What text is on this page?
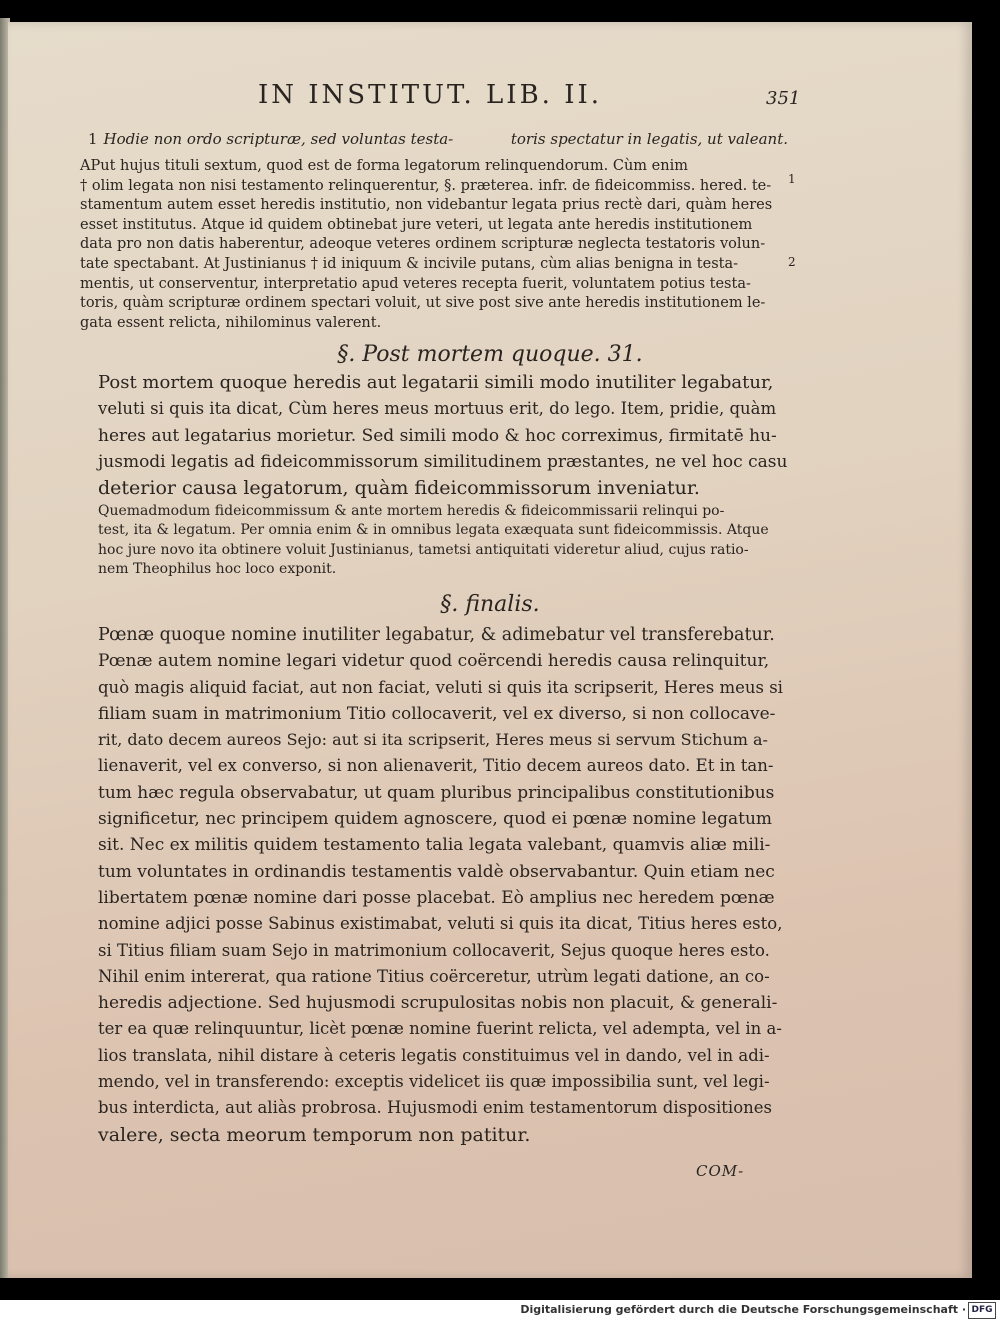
IN INSTITUT. LIB. II.	351
1 Hodie non ordo scripturæ, sed voluntas testa-	toris spectatur in legatis, ut valeant.
APut hujus tituli sextum, quod est de forma legatorum relinquendorum. Cùm enim
† olim legata non nisi testamento relinquerentur, §. præterea. infr. de fideicommiss. hered. te-
stamentum autem esset heredis institutio, non videbantur legata prius rectè dari, quàm heres
esset institutus. Atque id quidem obtinebat jure veteri, ut legata ante heredis institutionem
data pro non datis haberentur, adeoque veteres ordinem scripturæ neglecta testatoris volun-
tate spectabant. At Justinianus † id iniquum & incivile putans, cùm alias benigna in testa-
mentis, ut conserventur, interpretatio apud veteres recepta fuerit, voluntatem potius testa-
toris, quàm scripturæ ordinem spectari voluit, ut sive post sive ante heredis institutionem le-
gata essent relicta, nihilominus valerent.
1
2
§. Post mortem quoque. 31.
Post mortem quoque heredis aut legatarii simili modo inutiliter legabatur,
veluti si quis ita dicat, Cùm heres meus mortuus erit, do lego. Item, pridie, quàm
heres aut legatarius morietur. Sed simili modo & hoc correximus, firmitatē hu-
jusmodi legatis ad fideicommissorum similitudinem præstantes, ne vel hoc casu
deterior causa legatorum, quàm fideicommissorum inveniatur.
Quemadmodum fideicommissum & ante mortem heredis & fideicommissarii relinqui po-
test, ita & legatum. Per omnia enim & in omnibus legata exæquata sunt fideicommissis. Atque
hoc jure novo ita obtinere voluit Justinianus, tametsi antiquitati videretur aliud, cujus ratio-
nem Theophilus hoc loco exponit.
§. finalis.
Pœnæ quoque nomine inutiliter legabatur, & adimebatur vel transferebatur.
Pœnæ autem nomine legari videtur quod coërcendi heredis causa relinquitur,
quò magis aliquid faciat, aut non faciat, veluti si quis ita scripserit, Heres meus si
filiam suam in matrimonium Titio collocaverit, vel ex diverso, si non collocave-
rit, dato decem aureos Sejo: aut si ita scripserit, Heres meus si servum Stichum a-
lienaverit, vel ex converso, si non alienaverit, Titio decem aureos dato. Et in tan-
tum hæc regula observabatur, ut quam pluribus principalibus constitutionibus
significetur, nec principem quidem agnoscere, quod ei pœnæ nomine legatum
sit. Nec ex militis quidem testamento talia legata valebant, quamvis aliæ mili-
tum voluntates in ordinandis testamentis valdè observabantur. Quin etiam nec
libertatem pœnæ nomine dari posse placebat. Eò amplius nec heredem pœnæ
nomine adjici posse Sabinus existimabat, veluti si quis ita dicat, Titius heres esto,
si Titius filiam suam Sejo in matrimonium collocaverit, Sejus quoque heres esto.
Nihil enim intererat, qua ratione Titius coërceretur, utrùm legati datione, an co-
heredis adjectione. Sed hujusmodi scrupulositas nobis non placuit, & generali-
ter ea quæ relinquuntur, licèt pœnæ nomine fuerint relicta, vel adempta, vel in a-
lios translata, nihil distare à ceteris legatis constituimus vel in dando, vel in adi-
mendo, vel in transferendo: exceptis videlicet iis quæ impossibilia sunt, vel legi-
bus interdicta, aut aliàs probrosa. Hujusmodi enim testamentorum dispositiones
valere, secta meorum temporum non patitur.
COM-
Digitalisierung gefördert durch die Deutsche Forschungsgemeinschaft · DFG
